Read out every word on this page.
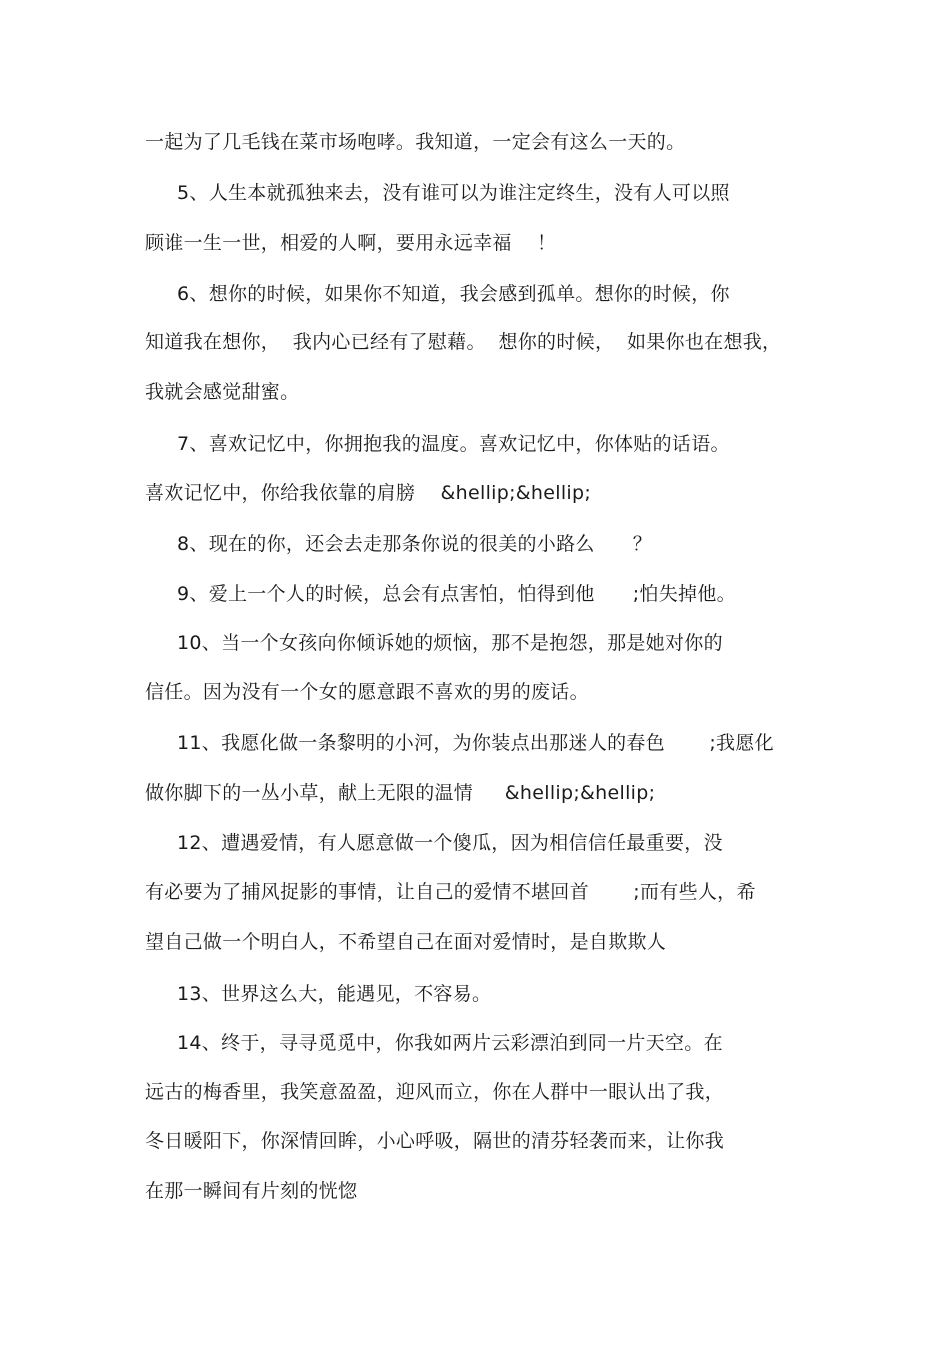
一起为了几毛钱在菜市场咆哮。我知道，一定会有这么一天的。
5、人生本就孤独来去，没有谁可以为谁注定终生，没有人可以照
顾谁一生一世，相爱的人啊，要用永远幸福    ！
6、想你的时候，如果你不知道，我会感到孤单。想你的时候，你
知道我在想你，  我内心已经有了慰藉。  想你的时候，  如果你也在想我，
我就会感觉甜蜜。
7、喜欢记忆中，你拥抱我的温度。喜欢记忆中，你体贴的话语。
喜欢记忆中，你给我依靠的肩膀    &hellip;&hellip;
8、现在的你，还会去走那条你说的很美的小路么      ？
9、爱上一个人的时候，总会有点害怕，怕得到他      ;怕失掉他。
10、当一个女孩向你倾诉她的烦恼，那不是抱怨，那是她对你的
信任。因为没有一个女的愿意跟不喜欢的男的废话。
11、我愿化做一条黎明的小河，为你装点出那迷人的春色       ;我愿化
做你脚下的一丛小草，献上无限的温情     &hellip;&hellip;
12、遭遇爱情，有人愿意做一个傻瓜，因为相信信任最重要，没
有必要为了捕风捉影的事情，让自己的爱情不堪回首       ;而有些人，希
望自己做一个明白人，不希望自己在面对爱情时，是自欺欺人
13、世界这么大，能遇见，不容易。
14、终于，寻寻觅觅中，你我如两片云彩漂泊到同一片天空。在
远古的梅香里，我笑意盈盈，迎风而立，你在人群中一眼认出了我，
冬日暖阳下，你深情回眸，小心呼吸，隔世的清芬轻袭而来，让你我
在那一瞬间有片刻的恍惚
